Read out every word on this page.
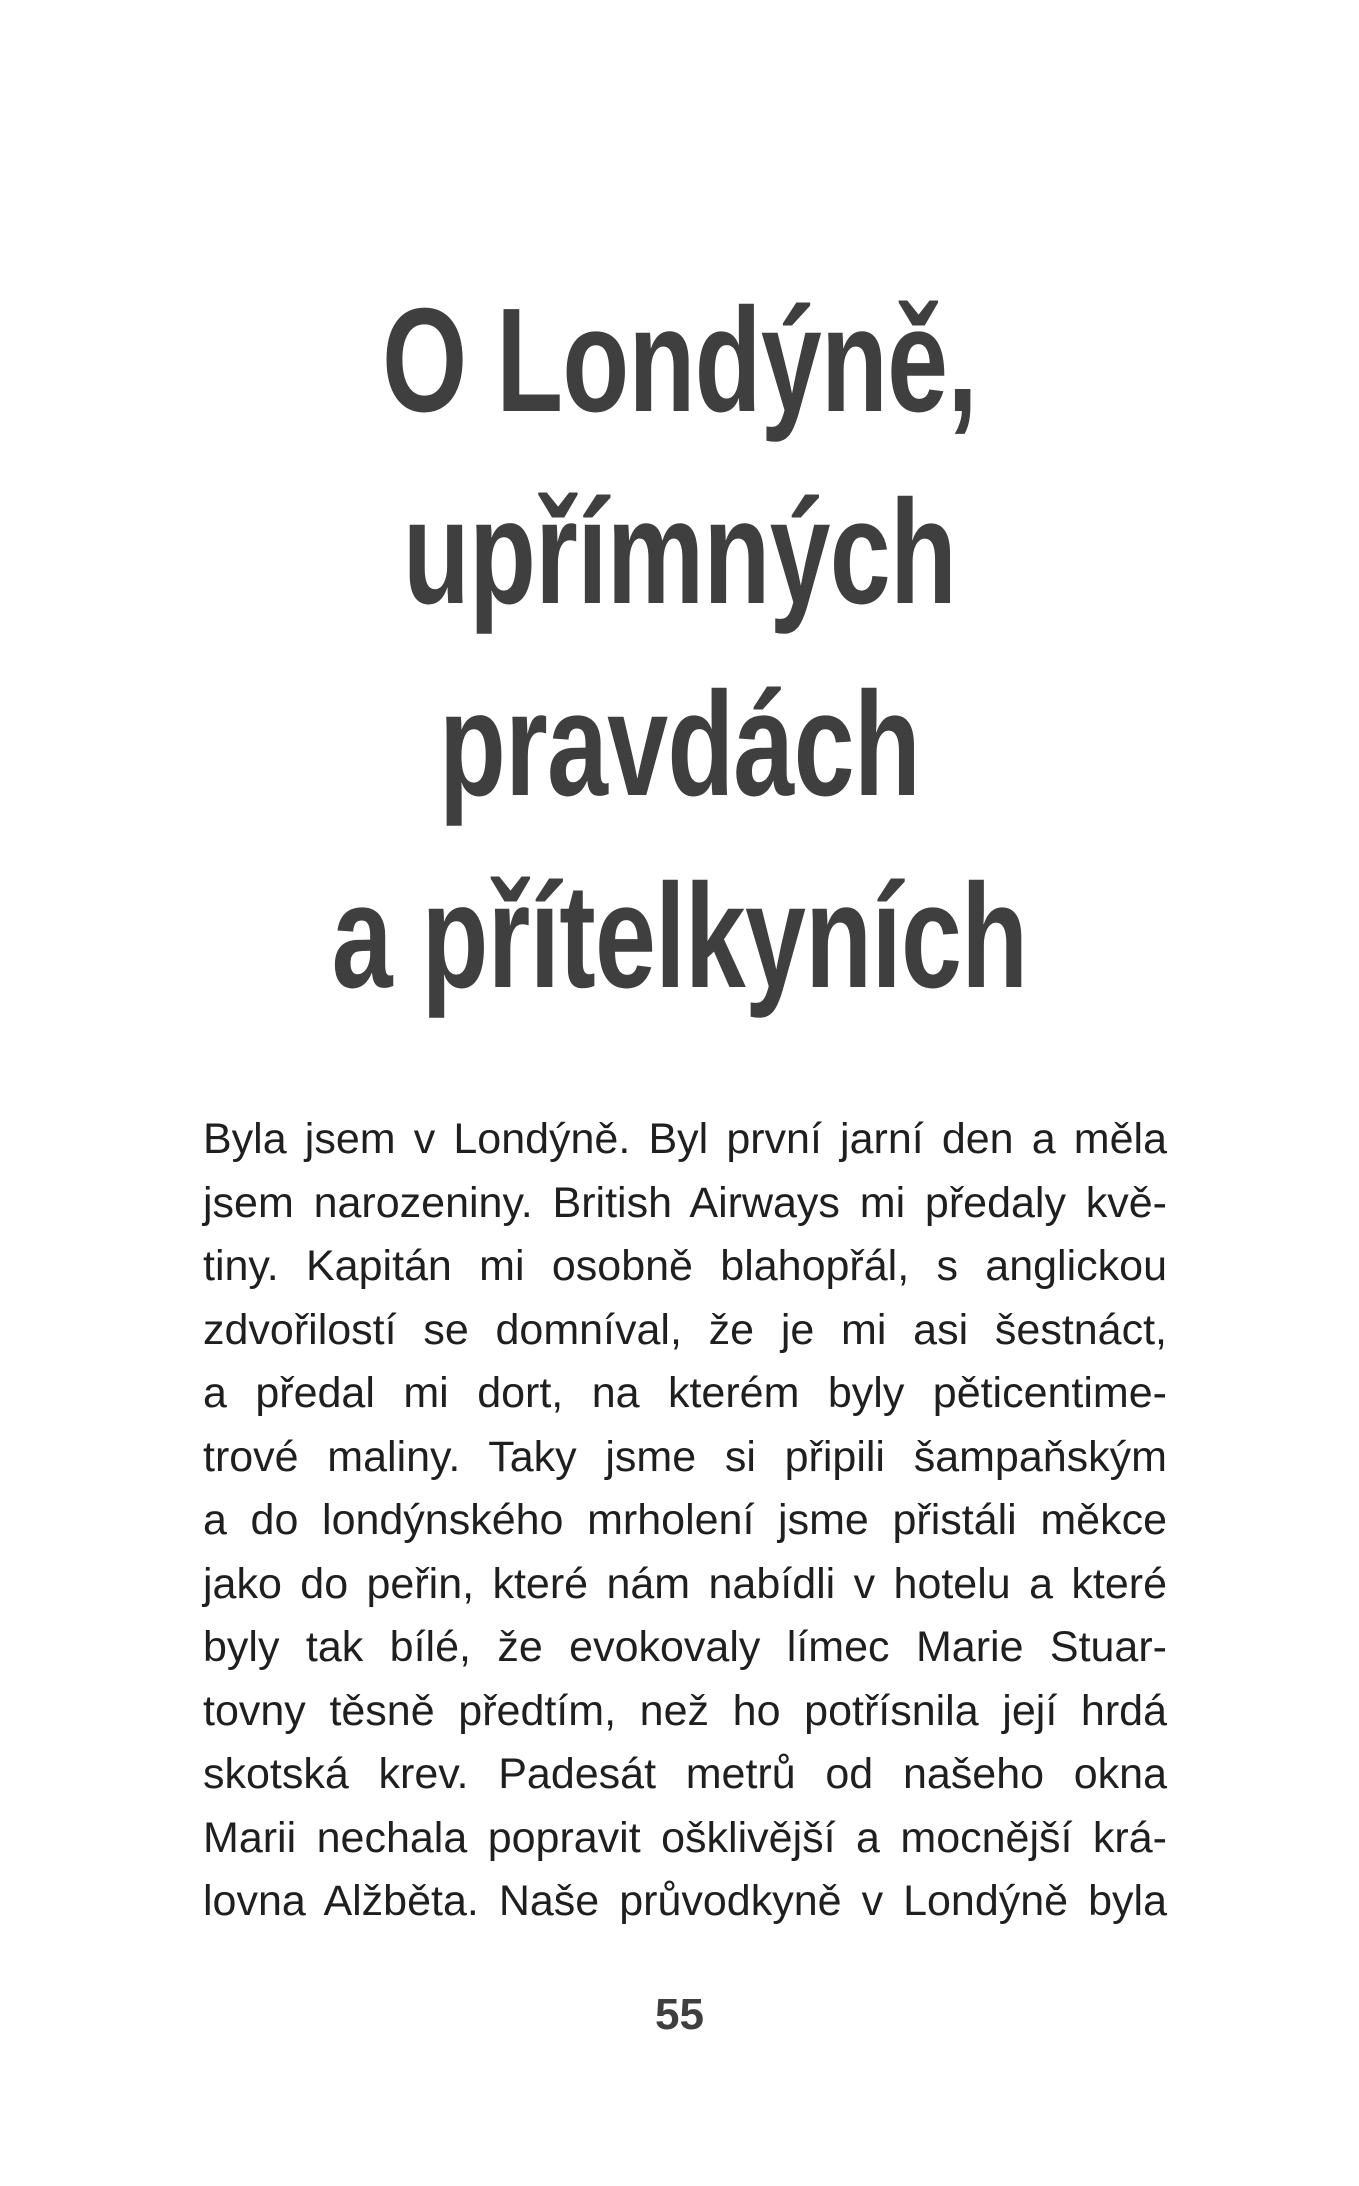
O Londýně,
upřímných
pravdách
a přítelkyních
Byla jsem v Londýně. Byl první jarní den a měla
jsem narozeniny. British Airways mi předaly kvě-
tiny. Kapitán mi osobně blahopřál, s anglickou
zdvořilostí se domníval, že je mi asi šestnáct,
a předal mi dort, na kterém byly pěticentime-
trové maliny. Taky jsme si připili šampaňským
a do londýnského mrholení jsme přistáli měkce
jako do peřin, které nám nabídli v hotelu a které
byly tak bílé, že evokovaly límec Marie Stuar-
tovny těsně předtím, než ho potřísnila její hrdá
skotská krev. Padesát metrů od našeho okna
Marii nechala popravit ošklivější a mocnější krá-
lovna Alžběta. Naše průvodkyně v Londýně byla
55
